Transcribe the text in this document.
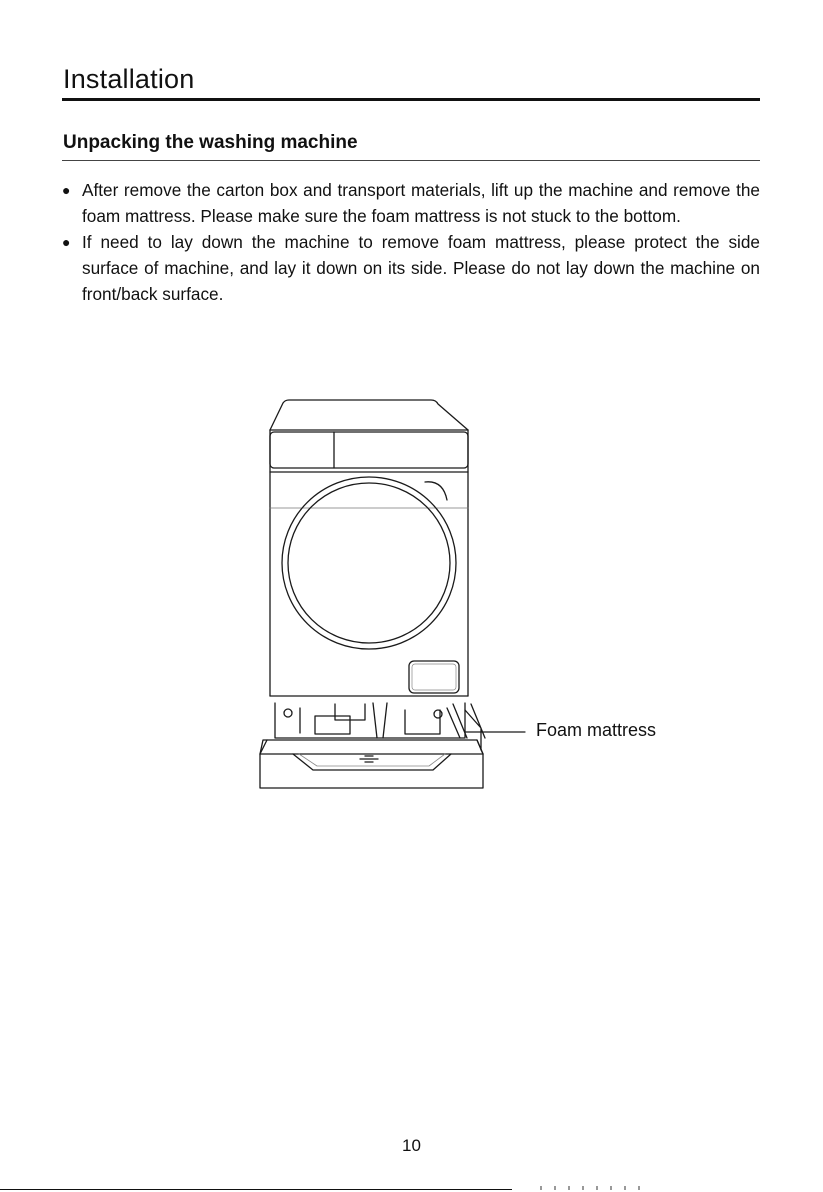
Installation
Unpacking the washing machine
● After remove the carton box and transport materials, lift up the machine and remove the foam mattress. Please make sure the foam mattress is not stuck to the bottom.
● If need to lay down the machine to remove foam mattress, please protect the side surface of machine, and lay it down on its side. Please do not lay down the machine on front/back surface.
Foam mattress
10
